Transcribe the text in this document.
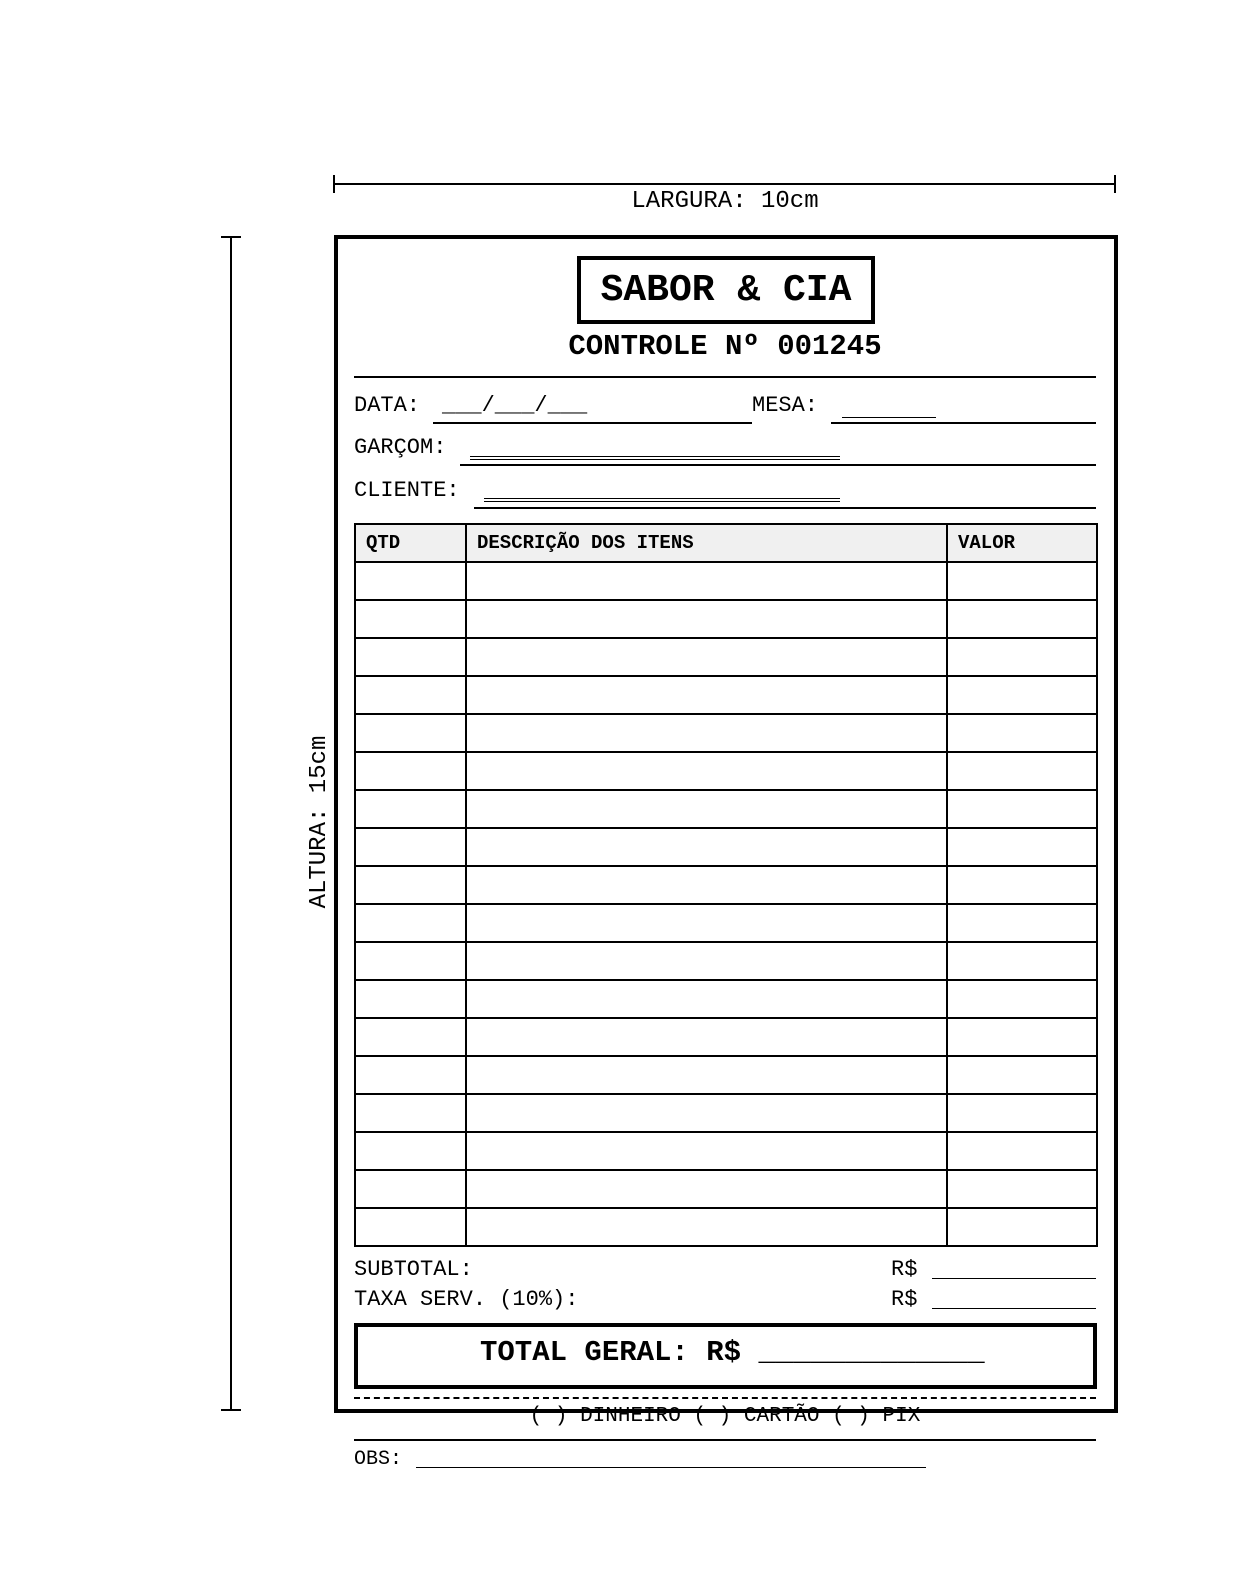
LARGURA: 10cm
ALTURA: 15cm
SABOR & CIA
CONTROLE Nº 001245
DATA: ___/___/___	MESA:
GARÇOM:
CLIENTE:
QTD	DESCRIÇÃO DOS ITENS	VALOR

SUBTOTAL:	R$
TAXA SERV. (10%):	R$
TOTAL GERAL: R$ _____________
( ) DINHEIRO ( ) CARTÃO ( ) PIX
OBS:
